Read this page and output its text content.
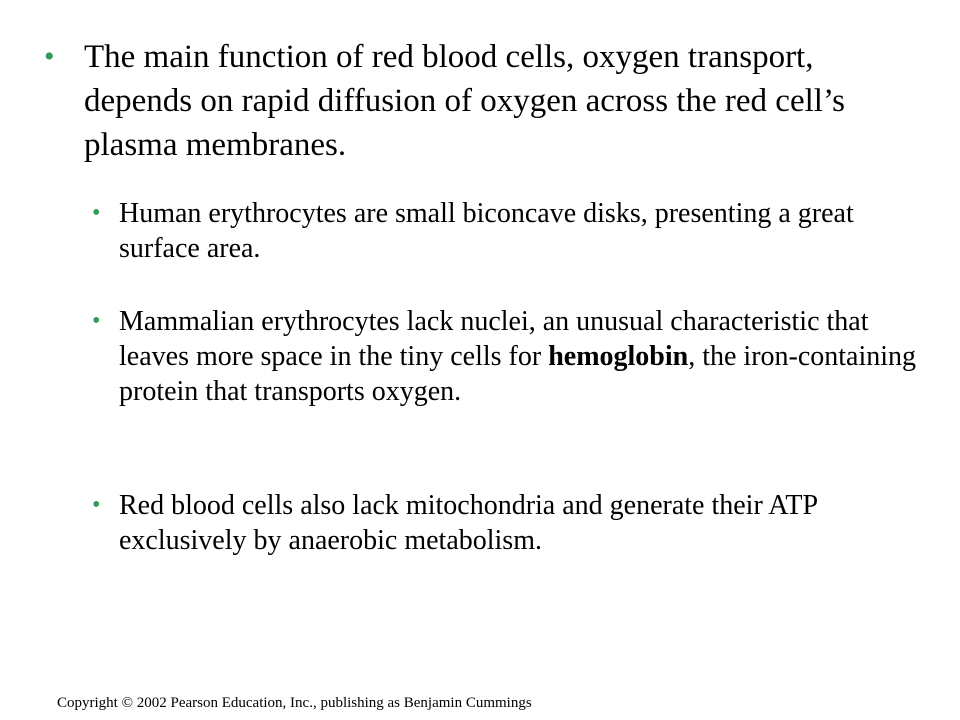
• The main function of red blood cells, oxygen transport, depends on rapid diffusion of oxygen across the red cell’s plasma membranes.
• Human erythrocytes are small biconcave disks, presenting a great surface area.
• Mammalian erythrocytes lack nuclei, an unusual characteristic that leaves more space in the tiny cells for hemoglobin, the iron-containing protein that transports oxygen.
• Red blood cells also lack mitochondria and generate their ATP exclusively by anaerobic metabolism.
Copyright © 2002 Pearson Education, Inc., publishing as Benjamin Cummings
